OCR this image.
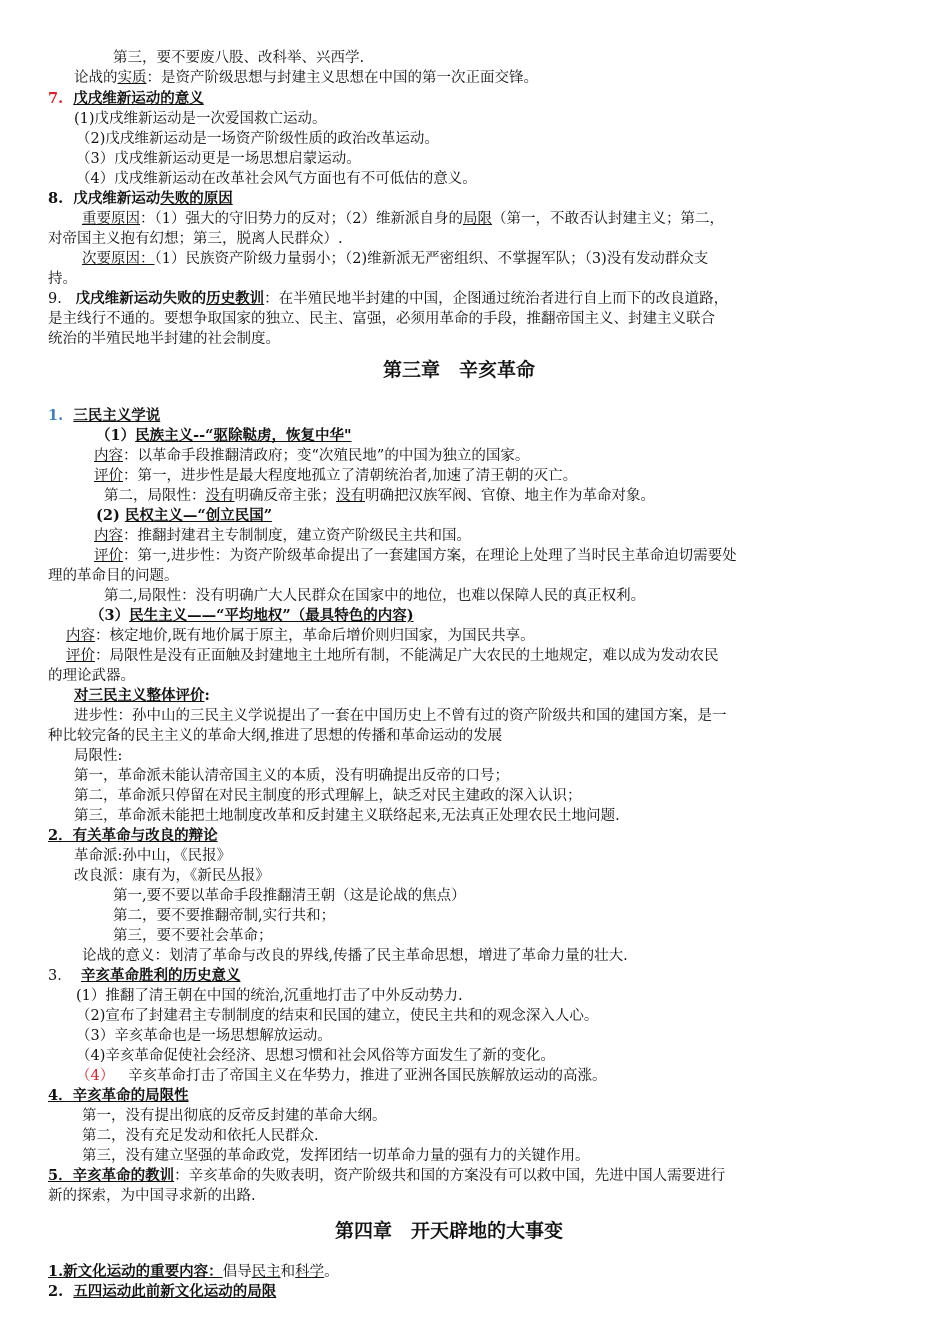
第三，要不要废八股、改科举、兴西学.
论战的实质：是资产阶级思想与封建主义思想在中国的第一次正面交锋。
7. 戊戌维新运动的意义
(1)戊戌维新运动是一次爱国救亡运动。
（2)戊戌维新运动是一场资产阶级性质的政治改革运动。
（3）戊戌维新运动更是一场思想启蒙运动。
（4）戊戌维新运动在改革社会风气方面也有不可低估的意义。
8. 戊戌维新运动失败的原因
重要原因：（1）强大的守旧势力的反对；（2）维新派自身的局限（第一，不敢否认封建主义；第二，
对帝国主义抱有幻想；第三，脱离人民群众）.
次要原因：（1）民族资产阶级力量弱小；（2)维新派无严密组织、不掌握军队；（3)没有发动群众支
持。
9. 戊戌维新运动失败的历史教训：在半殖民地半封建的中国，企图通过统治者进行自上而下的改良道路，
是主线行不通的。要想争取国家的独立、民主、富强，必须用革命的手段，推翻帝国主义、封建主义联合
统治的半殖民地半封建的社会制度。
第三章　辛亥革命
1. 三民主义学说
（1）民族主义--“驱除鞑虏，恢复中华"
内容：以革命手段推翻清政府；变“次殖民地”的中国为独立的国家。
评价：第一，进步性是最大程度地孤立了清朝统治者,加速了清王朝的灭亡。
第二，局限性：没有明确反帝主张；没有明确把汉族军阀、官僚、地主作为革命对象。
(2) 民权主义—“创立民国”
内容：推翻封建君主专制制度，建立资产阶级民主共和国。
评价：第一,进步性：为资产阶级革命提出了一套建国方案，在理论上处理了当时民主革命迫切需要处
理的革命目的问题。
第二,局限性：没有明确广大人民群众在国家中的地位，也难以保障人民的真正权利。
（3）民生主义——“平均地权”（最具特色的内容)
内容：核定地价,既有地价属于原主，革命后增价则归国家，为国民共享。
评价：局限性是没有正面触及封建地主土地所有制，不能满足广大农民的土地规定，难以成为发动农民
的理论武器。
对三民主义整体评价:
进步性：孙中山的三民主义学说提出了一套在中国历史上不曾有过的资产阶级共和国的建国方案，是一
种比较完备的民主主义的革命大纲,推进了思想的传播和革命运动的发展
局限性:
第一，革命派未能认清帝国主义的本质，没有明确提出反帝的口号；
第二，革命派只停留在对民主制度的形式理解上，缺乏对民主建政的深入认识；
第三，革命派未能把土地制度改革和反封建主义联络起来,无法真正处理农民土地问题.
2．有关革命与改良的辩论
革命派:孙中山，《民报》
改良派：康有为，《新民丛报》
第一,要不要以革命手段推翻清王朝（这是论战的焦点）
第二，要不要推翻帝制,实行共和；
第三，要不要社会革命；
论战的意义：划清了革命与改良的界线,传播了民主革命思想，增进了革命力量的壮大.
3． 辛亥革命胜利的历史意义
(1）推翻了清王朝在中国的统治,沉重地打击了中外反动势力.
（2)宣布了封建君主专制制度的结束和民国的建立，使民主共和的观念深入人心。
（3）辛亥革命也是一场思想解放运动。
（4)辛亥革命促使社会经济、思想习惯和社会风俗等方面发生了新的变化。
（4） 辛亥革命打击了帝国主义在华势力，推进了亚洲各国民族解放运动的高涨。
4．辛亥革命的局限性
第一，没有提出彻底的反帝反封建的革命大纲。
第二，没有充足发动和依托人民群众.
第三，没有建立坚强的革命政党，发挥团结一切革命力量的强有力的关键作用。
5．辛亥革命的教训：辛亥革命的失败表明，资产阶级共和国的方案没有可以救中国，先进中国人需要进行
新的探索，为中国寻求新的出路.
第四章　开天辟地的大事变
1.新文化运动的重要内容：倡导民主和科学。
2. 五四运动此前新文化运动的局限
